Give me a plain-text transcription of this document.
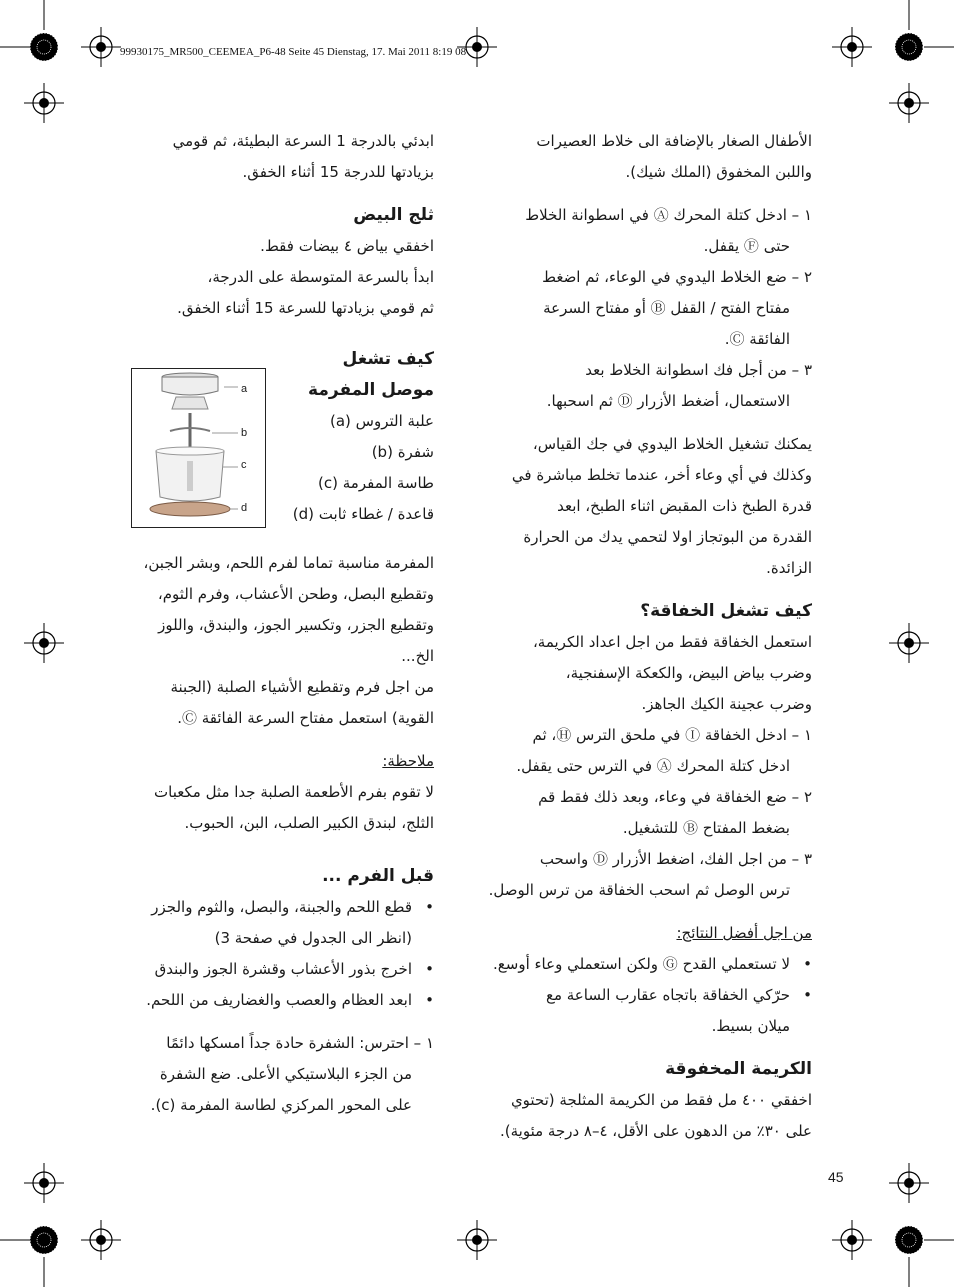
99930175_MR500_CEEMEA_P6-48 Seite 45 Dienstag, 17. Mai 2011 8:19 08

الأطفال الصغار بالإضافة الى خلاط العصيرات

واللبن المخفوق (الملك شيك).

١ – ادخل كتلة المحرك Ⓐ في اسطوانة الخلاط

حتى Ⓕ يقفل.

٢ – ضع الخلاط اليدوي في الوعاء، ثم اضغط

مفتاح الفتح / القفل Ⓑ أو مفتاح السرعة

الفائقة Ⓒ.

٣ – من أجل فك اسطوانة الخلاط بعد

الاستعمال، أضغط الأزرار Ⓓ ثم اسحبها.

يمكنك تشغيل الخلاط اليدوي في جك القياس،

وكذلك في أي وعاء أخر، عندما تخلط مباشرة في

قدرة الطبخ ذات المقبض اثناء الطبخ، ابعد

القدرة من البوتجاز اولا لتحمي يدك من الحرارة

الزائدة.

كيف تشغل الخفاقة؟

استعمل الخفاقة فقط من اجل اعداد الكريمة،

وضرب بياض البيض، والكعكة الإسفنجية،

وضرب عجينة الكيك الجاهز.

١ – ادخل الخفاقة Ⓘ في ملحق الترس Ⓗ، ثم

ادخل كتلة المحرك Ⓐ في الترس حتى يقفل.

٢ – ضع الخفاقة في وعاء، وبعد ذلك فقط قم

بضغط المفتاح Ⓑ للتشغيل.

٣ – من اجل الفك، اضغط الأزرار Ⓓ واسحب

ترس الوصل ثم اسحب الخفاقة من ترس الوصل.

من اجل أفضل النتائج:

•
لا تستعملي القدح Ⓖ ولكن استعملي وعاء أوسع.

•
حرّكي الخفاقة باتجاه عقارب الساعة مع

ميلان بسيط.

الكريمة المخفوقة

اخفقي ٤٠٠ مل فقط من الكريمة المثلجة (تحتوي

على ٣٠٪ من الدهون على الأقل، ٤–٨ درجة مئوية).

ابدئي بالدرجة 1 السرعة البطيئة، ثم قومي

بزيادتها للدرجة 15 أثناء الخفق.

ثلج البيض

اخفقي بياض ٤ بيضات فقط.

ابدأ بالسرعة المتوسطة على الدرجة،

ثم قومي بزيادتها للسرعة 15 أثناء الخفق.

كيف تشغل

موصل المفرمة

علبة التروس (a)

شفرة (b)

طاسة المفرمة (c)

قاعدة / غطاء ثابت (d)

المفرمة مناسبة تماما لفرم اللحم، وبشر الجبن،

وتقطيع البصل، وطحن الأعشاب، وفرم الثوم،

وتقطيع الجزر، وتكسير الجوز، والبندق، واللوز

الخ...

من اجل فرم وتقطيع الأشياء الصلبة (الجبنة

القوية) استعمل مفتاح السرعة الفائقة Ⓒ.

ملاحظة:

لا تقوم بفرم الأطعمة الصلبة جدا مثل مكعبات

الثلج، لبندق الكبير الصلب، البن، الحبوب.

قبل الفرم ...

•
قطع اللحم والجبنة، والبصل، والثوم والجزر

(انظر الى الجدول في صفحة 3)

•
اخرج بذور الأعشاب وقشرة الجوز والبندق

•
ابعد العظام والعصب والغضاريف من اللحم.

١ – احترس: الشفرة حادة جداً امسكها دائمًا

من الجزء البلاستيكي الأعلى. ضع الشفرة

على المحور المركزي لطاسة المفرمة (c).

a
b
c
d
45
